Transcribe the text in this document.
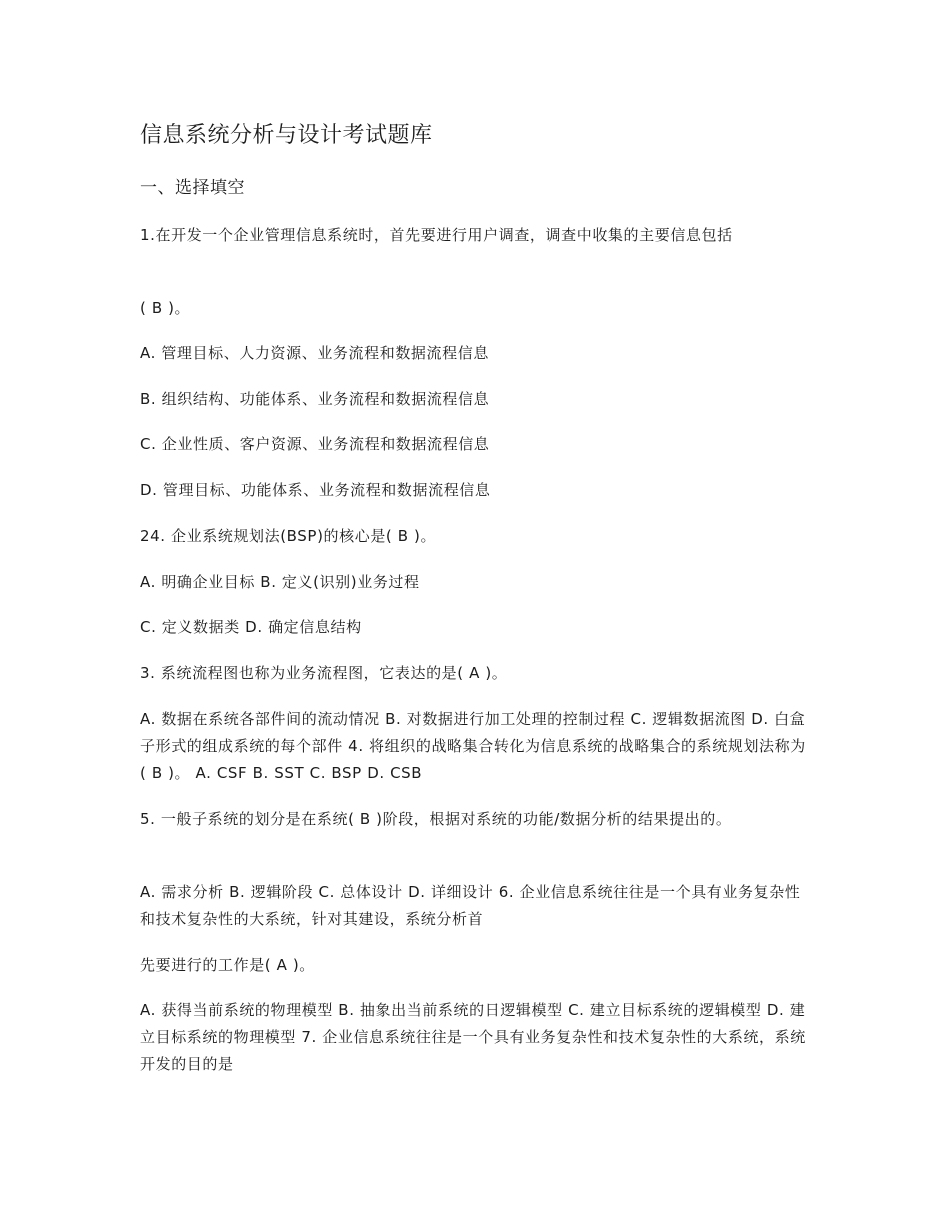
信息系统分析与设计考试题库
一、选择填空

1.在开发一个企业管理信息系统时，首先要进行用户调查，调查中收集的主要信息包括

( B )。

A. 管理目标、人力资源、业务流程和数据流程信息

B. 组织结构、功能体系、业务流程和数据流程信息

C. 企业性质、客户资源、业务流程和数据流程信息

D. 管理目标、功能体系、业务流程和数据流程信息

24. 企业系统规划法(BSP)的核心是( B )。

A. 明确企业目标 B. 定义(识别)业务过程

C. 定义数据类 D. 确定信息结构

3. 系统流程图也称为业务流程图，它表达的是( A )。

A. 数据在系统各部件间的流动情况 B. 对数据进行加工处理的控制过程 C. 逻辑数据流图 D. 白盒子形式的组成系统的每个部件 4. 将组织的战略集合转化为信息系统的战略集合的系统规划法称为( B )。 A. CSF B. SST C. BSP D. CSB

5. 一般子系统的划分是在系统( B )阶段，根据对系统的功能/数据分析的结果提出的。

A. 需求分析 B. 逻辑阶段 C. 总体设计 D. 详细设计 6. 企业信息系统往往是一个具有业务复杂性和技术复杂性的大系统，针对其建设，系统分析首

先要进行的工作是( A )。

A. 获得当前系统的物理模型 B. 抽象出当前系统的日逻辑模型 C. 建立目标系统的逻辑模型 D. 建立目标系统的物理模型 7. 企业信息系统往往是一个具有业务复杂性和技术复杂性的大系统，系统开发的目的是
